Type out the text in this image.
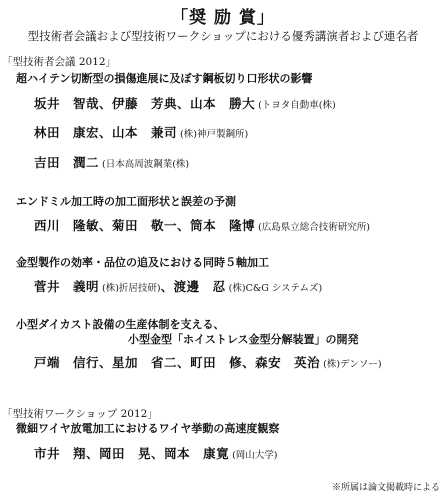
「奨 励 賞」
型技術者会議および型技術ワークショップにおける優秀講演者および連名者
「型技術者会議 2012」
超ハイテン切断型の損傷進展に及ぼす鋼板切り口形状の影響
坂井　智哉、伊藤　芳典、山本　勝大 (トヨタ自動車(株)
林田　康宏、山本　兼司 (株)神戸製鋼所)
吉田　潤二 (日本高周波鋼業(株)
エンドミル加工時の加工面形状と誤差の予測
西川　隆敏、菊田　敬一、筒本　隆博 (広島県立総合技術研究所)
金型製作の効率・品位の追及における同時５軸加工
菅井　義明 (株)折居技研)、渡邊　忍 (株)C&G システムズ)
小型ダイカスト設備の生産体制を支える、
小型金型「ホイストレス金型分解装置」の開発
戸端　信行、星加　省二、町田　修、森安　英治 (株)デンソー)
「型技術ワークショップ 2012」
微細ワイヤ放電加工におけるワイヤ挙動の高速度観察
市井　翔、岡田　晃、岡本　康寛 (岡山大学)
※所属は論文掲載時による
